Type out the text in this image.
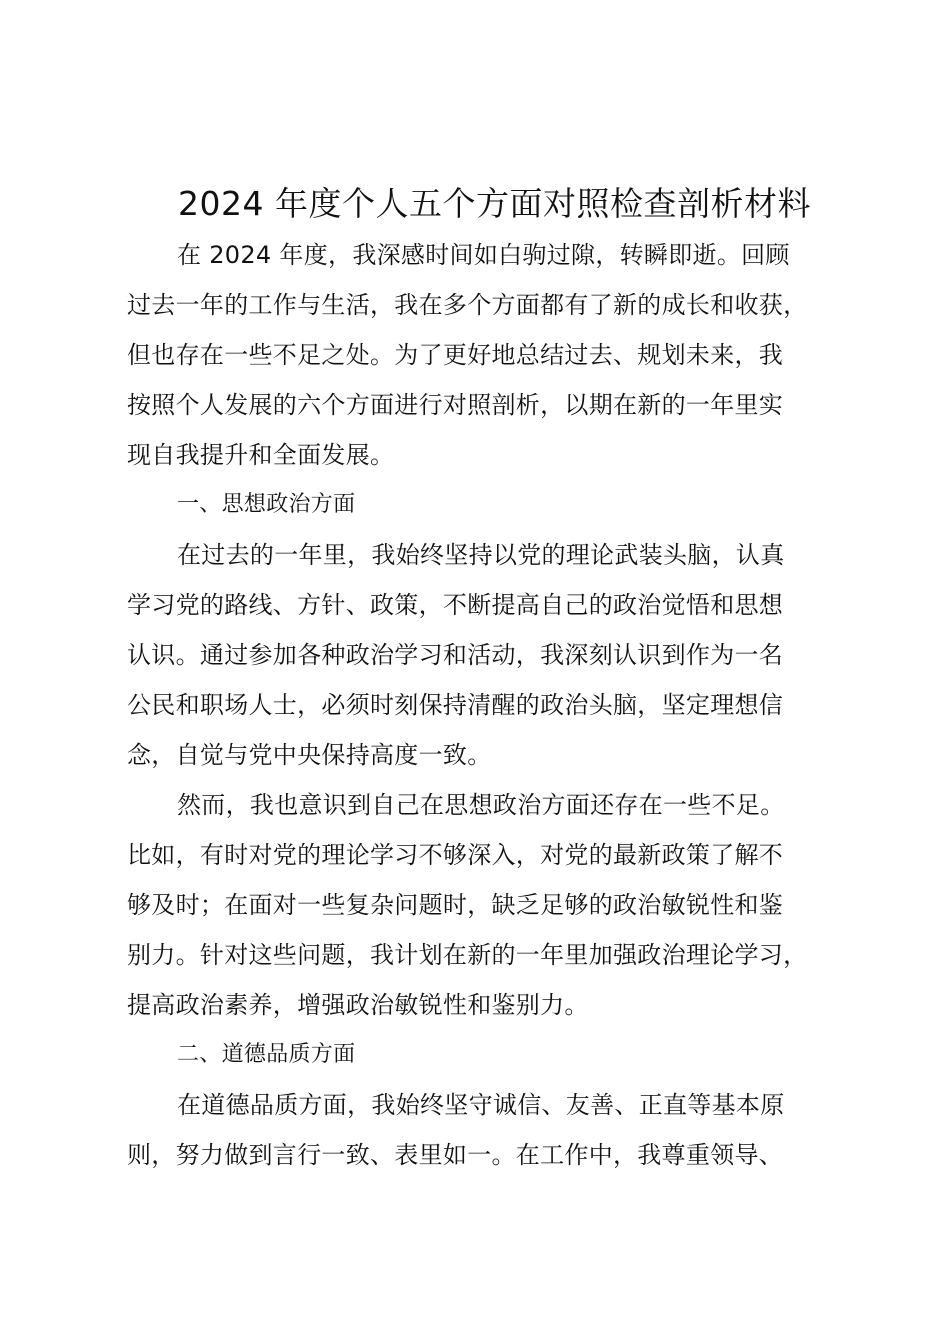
2024 年度个人五个方面对照检查剖析材料

在 2024 年度，我深感时间如白驹过隙，转瞬即逝。回顾
过去一年的工作与生活，我在多个方面都有了新的成长和收获，
但也存在一些不足之处。为了更好地总结过去、规划未来，我
按照个人发展的六个方面进行对照剖析，以期在新的一年里实
现自我提升和全面发展。

一、思想政治方面

在过去的一年里，我始终坚持以党的理论武装头脑，认真
学习党的路线、方针、政策，不断提高自己的政治觉悟和思想
认识。通过参加各种政治学习和活动，我深刻认识到作为一名
公民和职场人士，必须时刻保持清醒的政治头脑，坚定理想信
念，自觉与党中央保持高度一致。

然而，我也意识到自己在思想政治方面还存在一些不足。
比如，有时对党的理论学习不够深入，对党的最新政策了解不
够及时；在面对一些复杂问题时，缺乏足够的政治敏锐性和鉴
别力。针对这些问题，我计划在新的一年里加强政治理论学习，
提高政治素养，增强政治敏锐性和鉴别力。

二、道德品质方面

在道德品质方面，我始终坚守诚信、友善、正直等基本原
则，努力做到言行一致、表里如一。在工作中，我尊重领导、
